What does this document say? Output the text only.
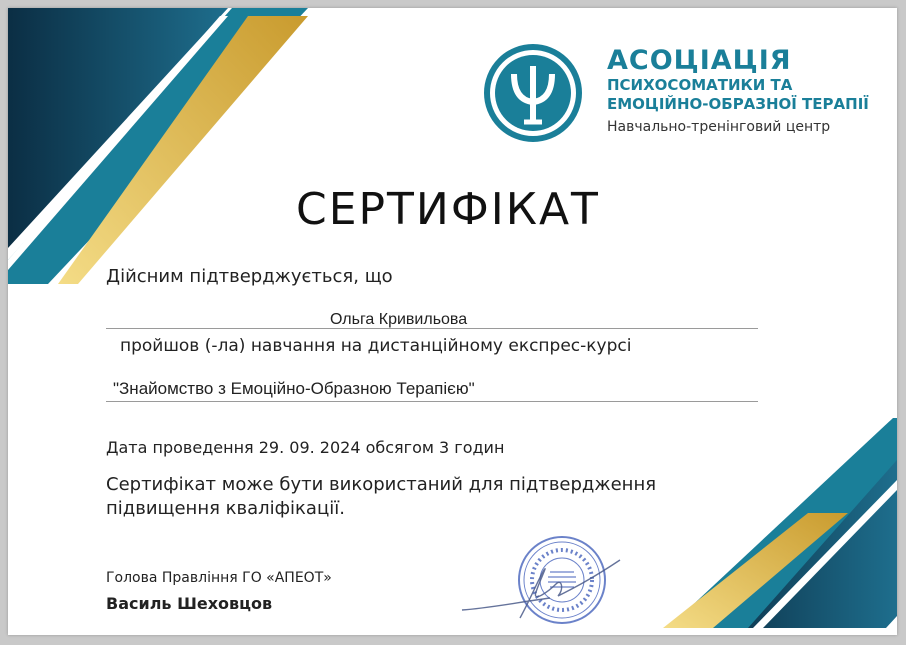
АСОЦІАЦІЯ
ПСИХОСОМАТИКИ ТА
ЕМОЦІЙНО-ОБРАЗНОЇ ТЕРАПІЇ
Навчально-тренінговий центр
СЕРТИФІКАТ
Дійсним підтверджується, що
Ольга Кривильова
пройшов (-ла) навчання на дистанційному експрес-курсі
"Знайомство з Емоційно-Образною Терапією"
Дата проведення 29. 09. 2024 обсягом 3 годин
Сертифікат може бути використаний для підтвердження
підвищення кваліфікації.
Голова Правління ГО «АПЕОТ»
Василь Шеховцов
